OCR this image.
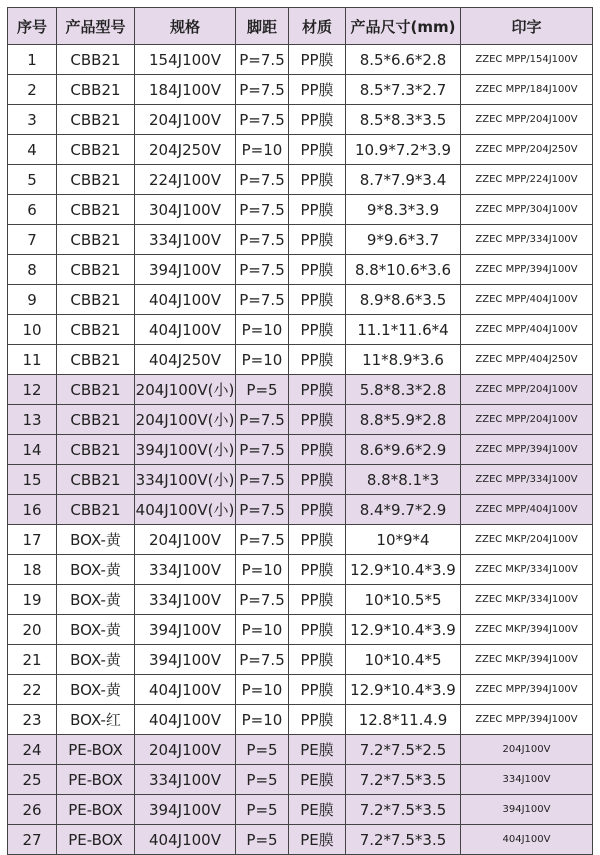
序号	产品型号	规格	脚距	材质	产品尺寸(mm)	印字
1	CBB21	154J100V	P=7.5	PP膜	8.5*6.6*2.8	ZZEC MPP/154J100V
2	CBB21	184J100V	P=7.5	PP膜	8.5*7.3*2.7	ZZEC MPP/184J100V
3	CBB21	204J100V	P=7.5	PP膜	8.5*8.3*3.5	ZZEC MPP/204J100V
4	CBB21	204J250V	P=10	PP膜	10.9*7.2*3.9	ZZEC MPP/204J250V
5	CBB21	224J100V	P=7.5	PP膜	8.7*7.9*3.4	ZZEC MPP/224J100V
6	CBB21	304J100V	P=7.5	PP膜	9*8.3*3.9	ZZEC MPP/304J100V
7	CBB21	334J100V	P=7.5	PP膜	9*9.6*3.7	ZZEC MPP/334J100V
8	CBB21	394J100V	P=7.5	PP膜	8.8*10.6*3.6	ZZEC MPP/394J100V
9	CBB21	404J100V	P=7.5	PP膜	8.9*8.6*3.5	ZZEC MPP/404J100V
10	CBB21	404J100V	P=10	PP膜	11.1*11.6*4	ZZEC MPP/404J100V
11	CBB21	404J250V	P=10	PP膜	11*8.9*3.6	ZZEC MPP/404J250V
12	CBB21	204J100V(小)	P=5	PP膜	5.8*8.3*2.8	ZZEC MPP/204J100V
13	CBB21	204J100V(小)	P=7.5	PP膜	8.8*5.9*2.8	ZZEC MPP/204J100V
14	CBB21	394J100V(小)	P=7.5	PP膜	8.6*9.6*2.9	ZZEC MPP/394J100V
15	CBB21	334J100V(小)	P=7.5	PP膜	8.8*8.1*3	ZZEC MPP/334J100V
16	CBB21	404J100V(小)	P=7.5	PP膜	8.4*9.7*2.9	ZZEC MPP/404J100V
17	BOX-黄	204J100V	P=7.5	PP膜	10*9*4	ZZEC MKP/204J100V
18	BOX-黄	334J100V	P=10	PP膜	12.9*10.4*3.9	ZZEC MKP/334J100V
19	BOX-黄	334J100V	P=7.5	PP膜	10*10.5*5	ZZEC MKP/334J100V
20	BOX-黄	394J100V	P=10	PP膜	12.9*10.4*3.9	ZZEC MKP/394J100V
21	BOX-黄	394J100V	P=7.5	PP膜	10*10.4*5	ZZEC MKP/394J100V
22	BOX-黄	404J100V	P=10	PP膜	12.9*10.4*3.9	ZZEC MPP/394J100V
23	BOX-红	404J100V	P=10	PP膜	12.8*11.4.9	ZZEC MPP/394J100V
24	PE-BOX	204J100V	P=5	PE膜	7.2*7.5*2.5	204J100V
25	PE-BOX	334J100V	P=5	PE膜	7.2*7.5*3.5	334J100V
26	PE-BOX	394J100V	P=5	PE膜	7.2*7.5*3.5	394J100V
27	PE-BOX	404J100V	P=5	PE膜	7.2*7.5*3.5	404J100V
